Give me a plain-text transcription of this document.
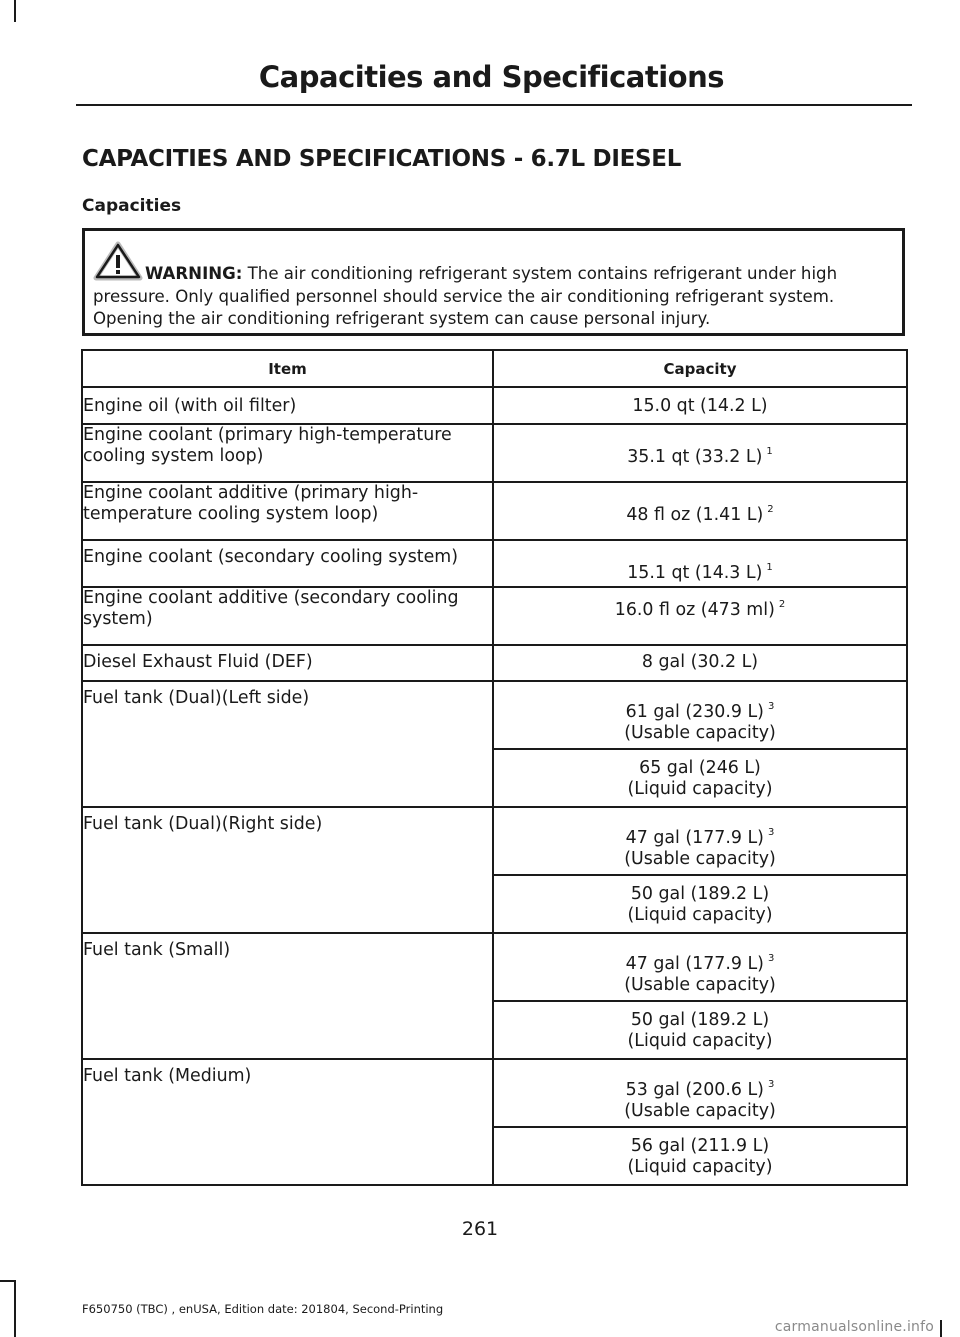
Capacities and Specifications
CAPACITIES AND SPECIFICATIONS - 6.7L DIESEL
Capacities
WARNING: The air conditioning refrigerant system contains refrigerant under high pressure. Only qualified personnel should service the air conditioning refrigerant system. Opening the air conditioning refrigerant system can cause personal injury.
Item	Capacity
Engine oil (with oil filter)	15.0 qt (14.2 L)
Engine coolant (primary high-temperature cooling system loop)	35.1 qt (33.2 L) $^1$
Engine coolant additive (primary high-temperature cooling system loop)	48 fl oz (1.41 L) $^2$
Engine coolant (secondary cooling system)	15.1 qt (14.3 L) $^1$
Engine coolant additive (secondary cooling system)	16.0 fl oz (473 ml) $^2$
Diesel Exhaust Fluid (DEF)	8 gal (30.2 L)
Fuel tank (Dual)(Left side)	61 gal (230.9 L) $^3$
(Usable capacity)

	65 gal (246 L)
(Liquid capacity)

Fuel tank (Dual)(Right side)	47 gal (177.9 L) $^3$
(Usable capacity)

	50 gal (189.2 L)
(Liquid capacity)

Fuel tank (Small)	47 gal (177.9 L) $^3$
(Usable capacity)

	50 gal (189.2 L)
(Liquid capacity)

Fuel tank (Medium)	53 gal (200.6 L) $^3$
(Usable capacity)

	56 gal (211.9 L)
(Liquid capacity)
261
F650750 (TBC) , enUSA, Edition date: 201804, Second-Printing
carmanualsonline.info
